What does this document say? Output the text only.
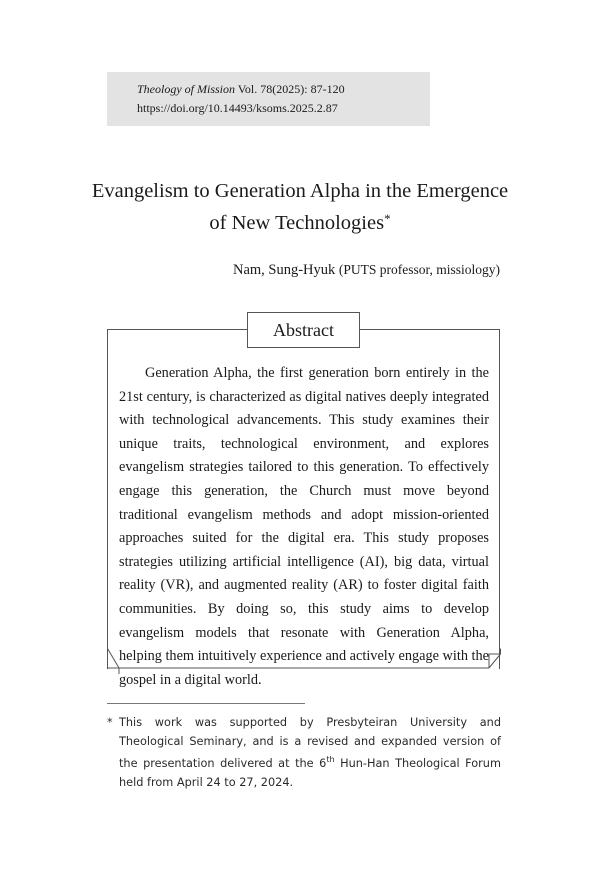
Theology of Mission Vol. 78(2025): 87-120
https://doi.org/10.14493/ksoms.2025.2.87
Evangelism to Generation Alpha in the Emergence
of New Technologies*
Nam, Sung-Hyuk (PUTS professor, missiology)
Abstract
Generation Alpha, the first generation born entirely in the 21st century, is characterized as digital natives deeply integrated with technological advancements. This study examines their unique traits, technological environment, and explores evangelism strategies tailored to this generation. To effectively engage this generation, the Church must move beyond traditional evangelism methods and adopt mission-oriented approaches suited for the digital era. This study proposes strategies utilizing artificial intelligence (AI), big data, virtual reality (VR), and augmented reality (AR) to foster digital faith communities. By doing so, this study aims to develop evangelism models that resonate with Generation Alpha, helping them intuitively experience and actively engage with the gospel in a digital world.
* This work was supported by Presbyteiran University and Theological Seminary, and is a revised and expanded version of the presentation delivered at the 6th Hun-Han Theological Forum held from April 24 to 27, 2024.
